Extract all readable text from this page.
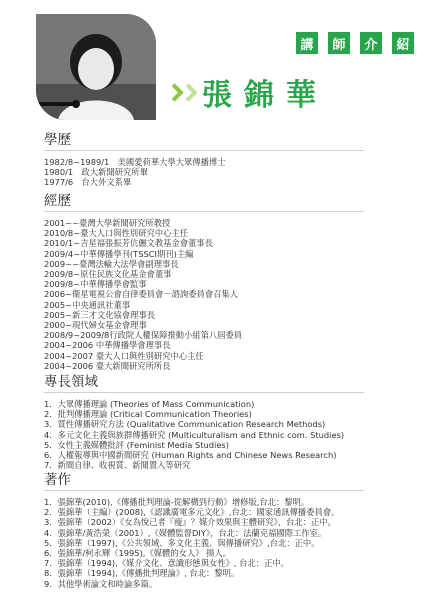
講	師	介	紹
張錦華
學歷
1982/8~1989/1　美國愛荷華大學大眾傳播博士
1980/1　政大新聞研究所畢
1977/6　台大外文系畢
經歷
2001~~臺灣大學新聞研究所教授
2010/8~臺大人口與性別研究中心主任
2010/1~吉星福張振芳伉儷文教基金會董事長
2009/4~中華傳播學刊(TSSCI期刊)主編
2009~~臺灣法輪大法學會副理事長
2009/8~原住民族文化基金會董事
2009/8~中華傳播學會監事
2006~衛星電視公會自律委員會－諮詢委員會召集人
2005~中央通訊社董事
2005~新三才文化協會理事長
2000~現代婦女基金會理事
2008/9~2009/8行政院人權保障推動小組第八屆委員
2004~2006 中華傳播學會理事長
2004~2007 臺大人口與性別研究中心主任
2004~2006 臺大新聞研究所所長
專長領域
1．大眾傳播理論 (Theories of Mass Communication)
2．批判傳播理論 (Critical Communication Theories)
3．質性傳播研究方法 (Qualitative Communication Research Methods)
4．多元文化主義與族群傳播研究 (Multiculturalism and Ethnic com. Studies)
5．女性主義媒體批評 (Feminist Media Studies)
6．人權報導與中國新聞研究 (Human Rights and Chinese News Research)
7．新聞自律、收視質、新聞置入等研究
著作
1．張錦華(2010),《傳播批判理論-從解構到行動》增修版,台北：黎明。
2．張錦華（主編）(2008),《認識廣電多元文化》,台北：國家通訊傳播委員會。
3．張錦華（2002）《女為悅己者『瘦』？媒介效果與主體研究》，台北：正中。
4．張錦華/黃浩榮（2001）,《媒體監督DIY》，台北：法蘭克福國際工作室。
5．張錦華（1997),《公共領域、多文化主義、與傳播研究》,台北：正中。
6．張錦華/柯永輝（1995),《媒體的女人》 揚人。
7．張錦華（1994),《媒介文化、意識形態與女性》, 台北：正中。
8．張錦華（1994),《傳播批判理論》, 台北：黎明。
9．其他學術論文和時論多篇。
